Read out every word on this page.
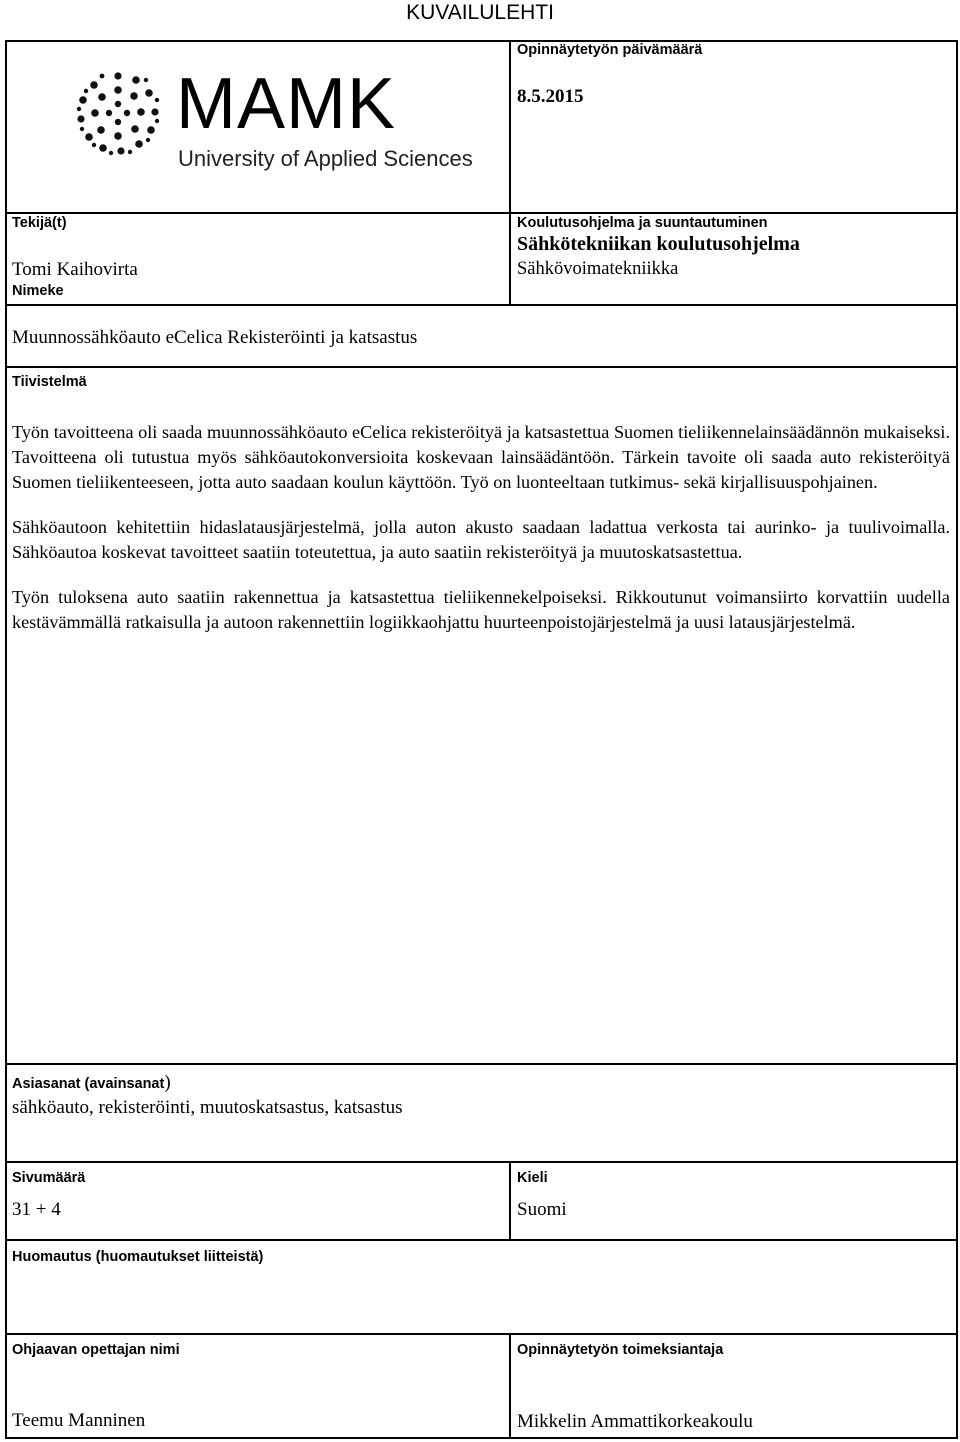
KUVAILULEHTI
MAMK
University of Applied Sciences
Opinnäytetyön päivämäärä
8.5.2015
Tekijä(t)
Tomi Kaihovirta
Koulutusohjelma ja suuntautuminen
Sähkötekniikan koulutusohjelma
Sähkövoimatekniikka
Nimeke
Muunnossähköauto eCelica Rekisteröinti ja katsastus
Tiivistelmä

Työn tavoitteena oli saada muunnossähköauto eCelica rekisteröityä ja katsastettua Suomen tieliikennelainsäädännön mukaiseksi. Tavoitteena oli tutustua myös sähköautokonversioita koskevaan lainsäädäntöön. Tärkein tavoite oli saada auto rekisteröityä Suomen tieliikenteeseen, jotta auto saadaan koulun käyttöön. Työ on luonteeltaan tutkimus- sekä kirjallisuuspohjainen.

Sähköautoon kehitettiin hidaslatausjärjestelmä, jolla auton akusto saadaan ladattua verkosta tai aurinko- ja tuulivoimalla. Sähköautoa koskevat tavoitteet saatiin toteutettua, ja auto saatiin rekisteröityä ja muutoskatsastettua.

Työn tuloksena auto saatiin rakennettua ja katsastettua tieliikennekelpoiseksi. Rikkoutunut voimansiirto korvattiin uudella kestävämmällä ratkaisulla ja autoon rakennettiin logiikkaohjattu huurteenpoistojärjestelmä ja uusi latausjärjestelmä.

Asiasanat (avainsanat)
sähköauto, rekisteröinti, muutoskatsastus, katsastus
Sivumäärä
31 + 4
Kieli
Suomi
Huomautus (huomautukset liitteistä)
Ohjaavan opettajan nimi
Teemu Manninen
Opinnäytetyön toimeksiantaja
Mikkelin Ammattikorkeakoulu
